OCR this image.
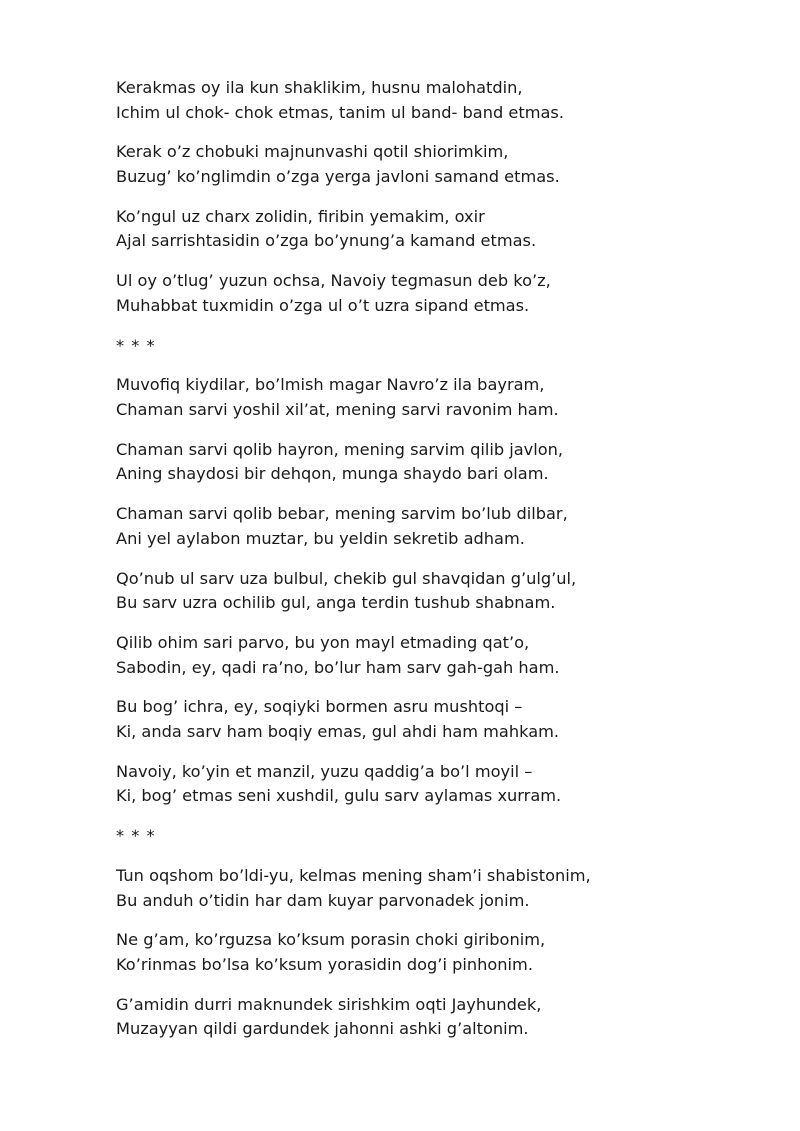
Kerakmas oy ila kun shaklikim, husnu malohatdin,
Ichim ul chok- chok etmas, tanim ul band- band etmas.
Kerak o’z chobuki majnunvashi qotil shiorimkim,
Buzug’ ko’nglimdin o’zga yerga javloni samand etmas.
Ko’ngul uz charx zolidin, firibin yemakim, oxir
Ajal sarrishtasidin o’zga bo’ynung’a kamand etmas.
Ul oy o’tlug’ yuzun ochsa, Navoiy tegmasun deb ko’z,
Muhabbat tuxmidin o’zga ul o’t uzra sipand etmas.
* * *
Muvofiq kiydilar, bo’lmish magar Navro’z ila bayram,
Chaman sarvi yoshil xil’at, mening sarvi ravonim ham.
Chaman sarvi qolib hayron, mening sarvim qilib javlon,
Aning shaydosi bir dehqon, munga shaydo bari olam.
Chaman sarvi qolib bebar, mening sarvim bo’lub dilbar,
Ani yel aylabon muztar, bu yeldin sekretib adham.
Qo’nub ul sarv uza bulbul, chekib gul shavqidan g’ulg’ul,
Bu sarv uzra ochilib gul, anga terdin tushub shabnam.
Qilib ohim sari parvo, bu yon mayl etmading qat’o,
Sabodin, ey, qadi ra’no, bo’lur ham sarv gah-gah ham.
Bu bog’ ichra, ey, soqiyki bormen asru mushtoqi –
Ki, anda sarv ham boqiy emas, gul ahdi ham mahkam.
Navoiy, ko’yin et manzil, yuzu qaddig’a bo’l moyil –
Ki, bog’ etmas seni xushdil, gulu sarv aylamas xurram.
* * *
Tun oqshom bo’ldi-yu, kelmas mening sham’i shabistonim,
Bu anduh o’tidin har dam kuyar parvonadek jonim.
Ne g’am, ko’rguzsa ko’ksum porasin choki giribonim,
Ko’rinmas bo’lsa ko’ksum yorasidin dog’i pinhonim.
G’amidin durri maknundek sirishkim oqti Jayhundek,
Muzayyan qildi gardundek jahonni ashki g’altonim.
